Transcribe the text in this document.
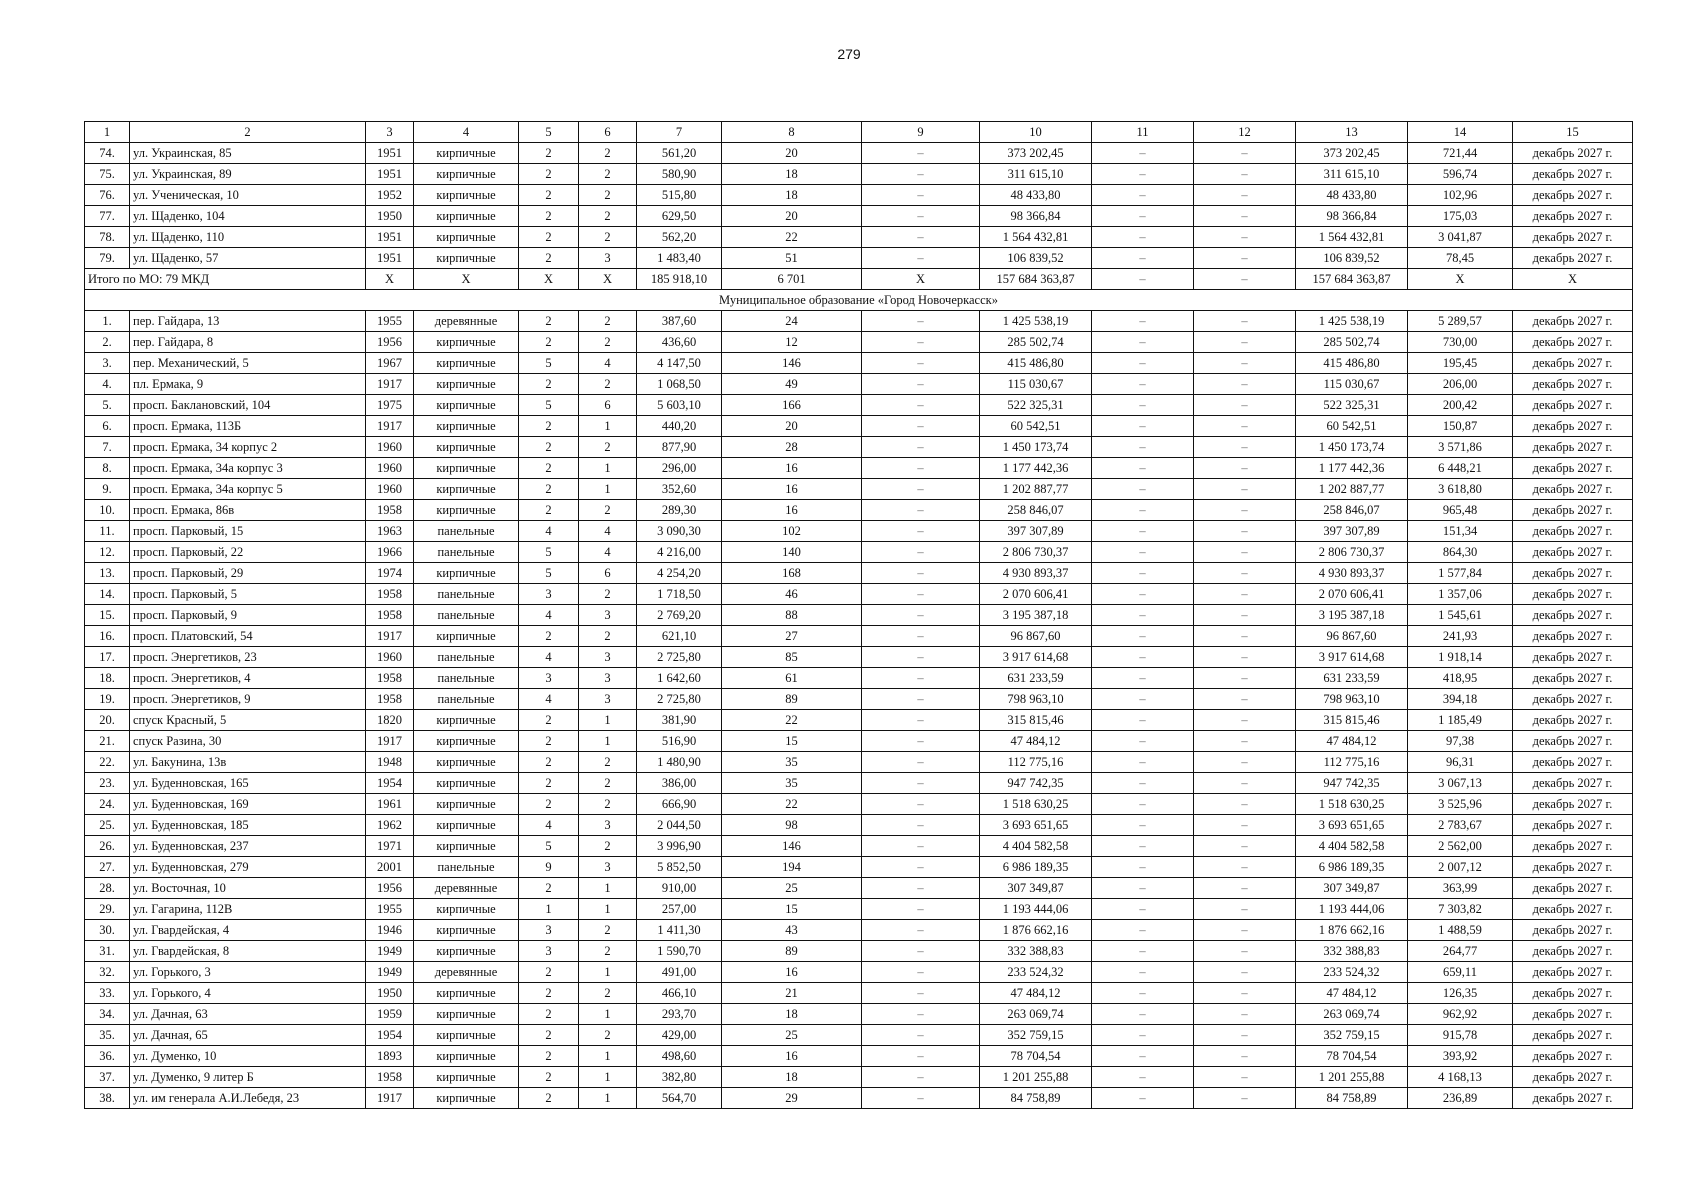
279
1	2	3	4	5	6	7	8	9	10	11	12	13	14	15
74.	ул. Украинская, 85	1951	кирпичные	2	2	561,20	20	–	373 202,45	–	–	373 202,45	721,44	декабрь 2027 г.
75.	ул. Украинская, 89	1951	кирпичные	2	2	580,90	18	–	311 615,10	–	–	311 615,10	596,74	декабрь 2027 г.
76.	ул. Ученическая, 10	1952	кирпичные	2	2	515,80	18	–	48 433,80	–	–	48 433,80	102,96	декабрь 2027 г.
77.	ул. Щаденко, 104	1950	кирпичные	2	2	629,50	20	–	98 366,84	–	–	98 366,84	175,03	декабрь 2027 г.
78.	ул. Щаденко, 110	1951	кирпичные	2	2	562,20	22	–	1 564 432,81	–	–	1 564 432,81	3 041,87	декабрь 2027 г.
79.	ул. Щаденко, 57	1951	кирпичные	2	3	1 483,40	51	–	106 839,52	–	–	106 839,52	78,45	декабрь 2027 г.
Итого по МО: 79 МКД		X	X	X	X	185 918,10	6 701	X	157 684 363,87	–	–	157 684 363,87	X	X
Муниципальное образование «Город Новочеркасск»														
1.	пер. Гайдара, 13	1955	деревянные	2	2	387,60	24	–	1 425 538,19	–	–	1 425 538,19	5 289,57	декабрь 2027 г.
2.	пер. Гайдара, 8	1956	кирпичные	2	2	436,60	12	–	285 502,74	–	–	285 502,74	730,00	декабрь 2027 г.
3.	пер. Механический, 5	1967	кирпичные	5	4	4 147,50	146	–	415 486,80	–	–	415 486,80	195,45	декабрь 2027 г.
4.	пл. Ермака, 9	1917	кирпичные	2	2	1 068,50	49	–	115 030,67	–	–	115 030,67	206,00	декабрь 2027 г.
5.	просп. Баклановский, 104	1975	кирпичные	5	6	5 603,10	166	–	522 325,31	–	–	522 325,31	200,42	декабрь 2027 г.
6.	просп. Ермака, 113Б	1917	кирпичные	2	1	440,20	20	–	60 542,51	–	–	60 542,51	150,87	декабрь 2027 г.
7.	просп. Ермака, 34 корпус 2	1960	кирпичные	2	2	877,90	28	–	1 450 173,74	–	–	1 450 173,74	3 571,86	декабрь 2027 г.
8.	просп. Ермака, 34а корпус 3	1960	кирпичные	2	1	296,00	16	–	1 177 442,36	–	–	1 177 442,36	6 448,21	декабрь 2027 г.
9.	просп. Ермака, 34а корпус 5	1960	кирпичные	2	1	352,60	16	–	1 202 887,77	–	–	1 202 887,77	3 618,80	декабрь 2027 г.
10.	просп. Ермака, 86в	1958	кирпичные	2	2	289,30	16	–	258 846,07	–	–	258 846,07	965,48	декабрь 2027 г.
11.	просп. Парковый, 15	1963	панельные	4	4	3 090,30	102	–	397 307,89	–	–	397 307,89	151,34	декабрь 2027 г.
12.	просп. Парковый, 22	1966	панельные	5	4	4 216,00	140	–	2 806 730,37	–	–	2 806 730,37	864,30	декабрь 2027 г.
13.	просп. Парковый, 29	1974	кирпичные	5	6	4 254,20	168	–	4 930 893,37	–	–	4 930 893,37	1 577,84	декабрь 2027 г.
14.	просп. Парковый, 5	1958	панельные	3	2	1 718,50	46	–	2 070 606,41	–	–	2 070 606,41	1 357,06	декабрь 2027 г.
15.	просп. Парковый, 9	1958	панельные	4	3	2 769,20	88	–	3 195 387,18	–	–	3 195 387,18	1 545,61	декабрь 2027 г.
16.	просп. Платовский, 54	1917	кирпичные	2	2	621,10	27	–	96 867,60	–	–	96 867,60	241,93	декабрь 2027 г.
17.	просп. Энергетиков, 23	1960	панельные	4	3	2 725,80	85	–	3 917 614,68	–	–	3 917 614,68	1 918,14	декабрь 2027 г.
18.	просп. Энергетиков, 4	1958	панельные	3	3	1 642,60	61	–	631 233,59	–	–	631 233,59	418,95	декабрь 2027 г.
19.	просп. Энергетиков, 9	1958	панельные	4	3	2 725,80	89	–	798 963,10	–	–	798 963,10	394,18	декабрь 2027 г.
20.	спуск Красный, 5	1820	кирпичные	2	1	381,90	22	–	315 815,46	–	–	315 815,46	1 185,49	декабрь 2027 г.
21.	спуск Разина, 30	1917	кирпичные	2	1	516,90	15	–	47 484,12	–	–	47 484,12	97,38	декабрь 2027 г.
22.	ул. Бакунина, 13в	1948	кирпичные	2	2	1 480,90	35	–	112 775,16	–	–	112 775,16	96,31	декабрь 2027 г.
23.	ул. Буденновская, 165	1954	кирпичные	2	2	386,00	35	–	947 742,35	–	–	947 742,35	3 067,13	декабрь 2027 г.
24.	ул. Буденновская, 169	1961	кирпичные	2	2	666,90	22	–	1 518 630,25	–	–	1 518 630,25	3 525,96	декабрь 2027 г.
25.	ул. Буденновская, 185	1962	кирпичные	4	3	2 044,50	98	–	3 693 651,65	–	–	3 693 651,65	2 783,67	декабрь 2027 г.
26.	ул. Буденновская, 237	1971	кирпичные	5	2	3 996,90	146	–	4 404 582,58	–	–	4 404 582,58	2 562,00	декабрь 2027 г.
27.	ул. Буденновская, 279	2001	панельные	9	3	5 852,50	194	–	6 986 189,35	–	–	6 986 189,35	2 007,12	декабрь 2027 г.
28.	ул. Восточная, 10	1956	деревянные	2	1	910,00	25	–	307 349,87	–	–	307 349,87	363,99	декабрь 2027 г.
29.	ул. Гагарина, 112В	1955	кирпичные	1	1	257,00	15	–	1 193 444,06	–	–	1 193 444,06	7 303,82	декабрь 2027 г.
30.	ул. Гвардейская, 4	1946	кирпичные	3	2	1 411,30	43	–	1 876 662,16	–	–	1 876 662,16	1 488,59	декабрь 2027 г.
31.	ул. Гвардейская, 8	1949	кирпичные	3	2	1 590,70	89	–	332 388,83	–	–	332 388,83	264,77	декабрь 2027 г.
32.	ул. Горького, 3	1949	деревянные	2	1	491,00	16	–	233 524,32	–	–	233 524,32	659,11	декабрь 2027 г.
33.	ул. Горького, 4	1950	кирпичные	2	2	466,10	21	–	47 484,12	–	–	47 484,12	126,35	декабрь 2027 г.
34.	ул. Дачная, 63	1959	кирпичные	2	1	293,70	18	–	263 069,74	–	–	263 069,74	962,92	декабрь 2027 г.
35.	ул. Дачная, 65	1954	кирпичные	2	2	429,00	25	–	352 759,15	–	–	352 759,15	915,78	декабрь 2027 г.
36.	ул. Думенко, 10	1893	кирпичные	2	1	498,60	16	–	78 704,54	–	–	78 704,54	393,92	декабрь 2027 г.
37.	ул. Думенко, 9 литер Б	1958	кирпичные	2	1	382,80	18	–	1 201 255,88	–	–	1 201 255,88	4 168,13	декабрь 2027 г.
38.	ул. им генерала А.И.Лебедя, 23	1917	кирпичные	2	1	564,70	29	–	84 758,89	–	–	84 758,89	236,89	декабрь 2027 г.
